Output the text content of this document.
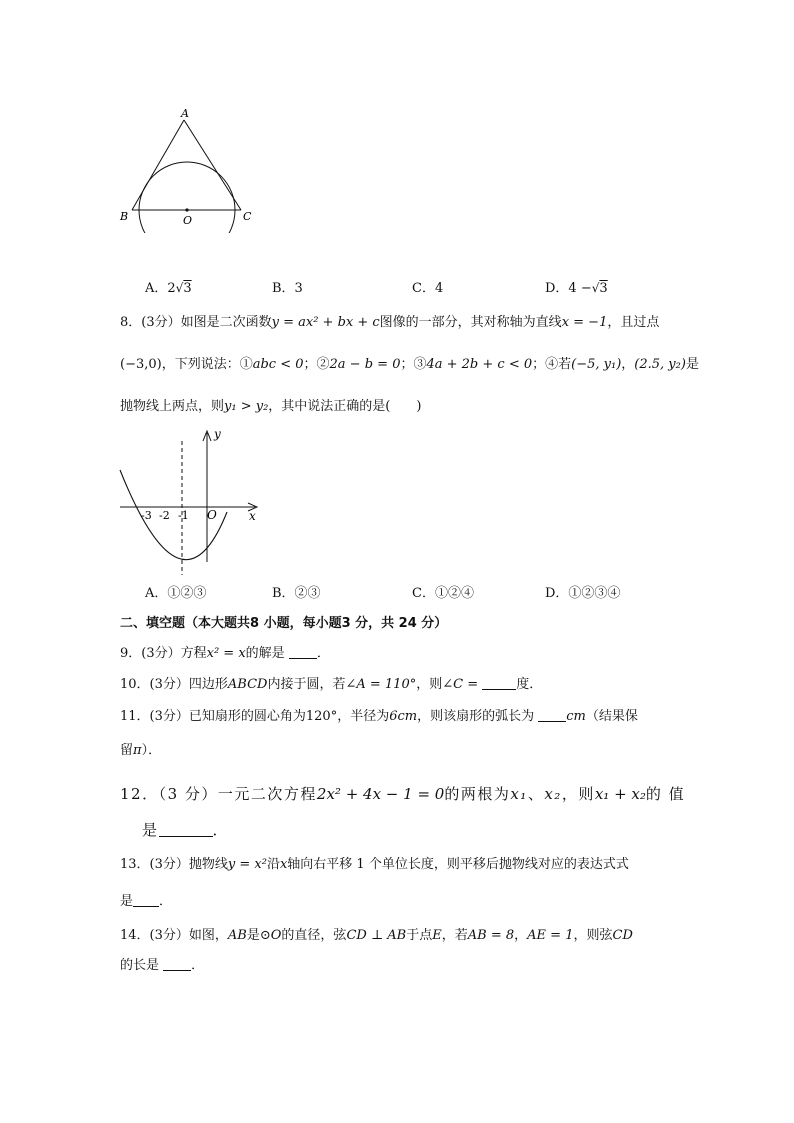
A
B	C
O
A．2√3	B．3	C．4	D．4 −√3
8．(3分）如图是二次函数y = ax² + bx + c图像的一部分，其对称轴为直线x = −1，且过点
(−3,0)，下列说法：①abc < 0；②2a − b = 0；③4a + 2b + c < 0；④若(−5, y₁)，(2.5, y₂)是
抛物线上两点，则y₁ > y₂，其中说法正确的是(　　)
y
x
O
-3 -2 -1
A．①②③	B．②③	C．①②④	D．①②③④
二、填空题（本大题共8 小题，每小题3 分，共 24 分）
9．(3分）方程x² = x的解是 ．
10．(3分）四边形ABCD内接于圆，若∠A = 110°，则∠C =	度．
11．(3分）已知扇形的圆心角为120°，半径为6cm，则该扇形的弧长为 cm（结果保
留π）．
12．（3 分）一元二次方程2x² + 4x − 1 = 0的两根为x₁、x₂，则x₁ + x₂的 值
是	．
13．(3分）抛物线y = x²沿x轴向右平移 1 个单位长度，则平移后抛物线对应的表达式式
是 ．
14．(3分）如图，AB是⊙O的直径，弦CD ⊥ AB于点E，若AB = 8，AE = 1，则弦CD
的长是 ．
